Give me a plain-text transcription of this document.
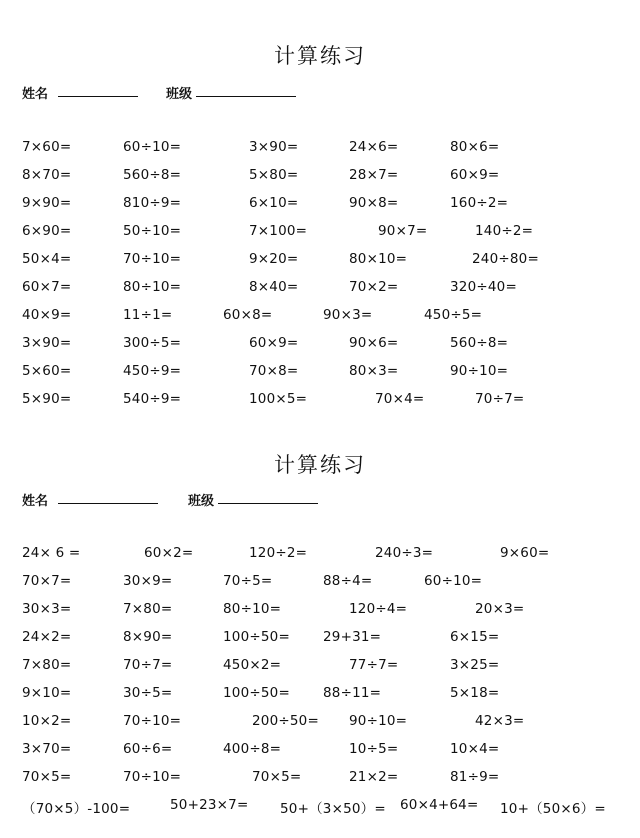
计算练习
姓名	班级
7×60=	60÷10=	3×90=	24×6=	80×6=
8×70=	560÷8=	5×80=	28×7=	60×9=
9×90=	810÷9=	6×10=	90×8=	160÷2=
6×90=	50÷10=	7×100=	90×7=	140÷2=
50×4=	70÷10=	9×20=	80×10=	240÷80=
60×7=	80÷10=	8×40=	70×2=	320÷40=
40×9=	11÷1=	60×8=	90×3=	450÷5=
3×90=	300÷5=	60×9=	90×6=	560÷8=
5×60=	450÷9=	70×8=	80×3=	90÷10=
5×90=	540÷9=	100×5=	70×4=	70÷7=
计算练习
姓名	班级
24× 6 =	60×2=	120÷2=	240÷3=	9×60=
70×7=	30×9=	70÷5=	88÷4=	60÷10=
30×3=	7×80=	80÷10=	120÷4=	20×3=
24×2=	8×90=	100÷50= 29+31=	6×15=
7×80=	70÷7=	450×2=	77÷7=	3×25=
9×10=	30÷5=	100÷50= 88÷11=	5×18=
10×2=	70÷10=	200÷50= 90÷10=	42×3=
3×70=	60÷6=	400÷8=	10÷5=	10×4=
70×5=	70÷10=	70×5=	21×2=	81÷9=
（70×5）-100=	50+23×7= 50+（3×50）= 60×4+64= 10+（50×6）=
